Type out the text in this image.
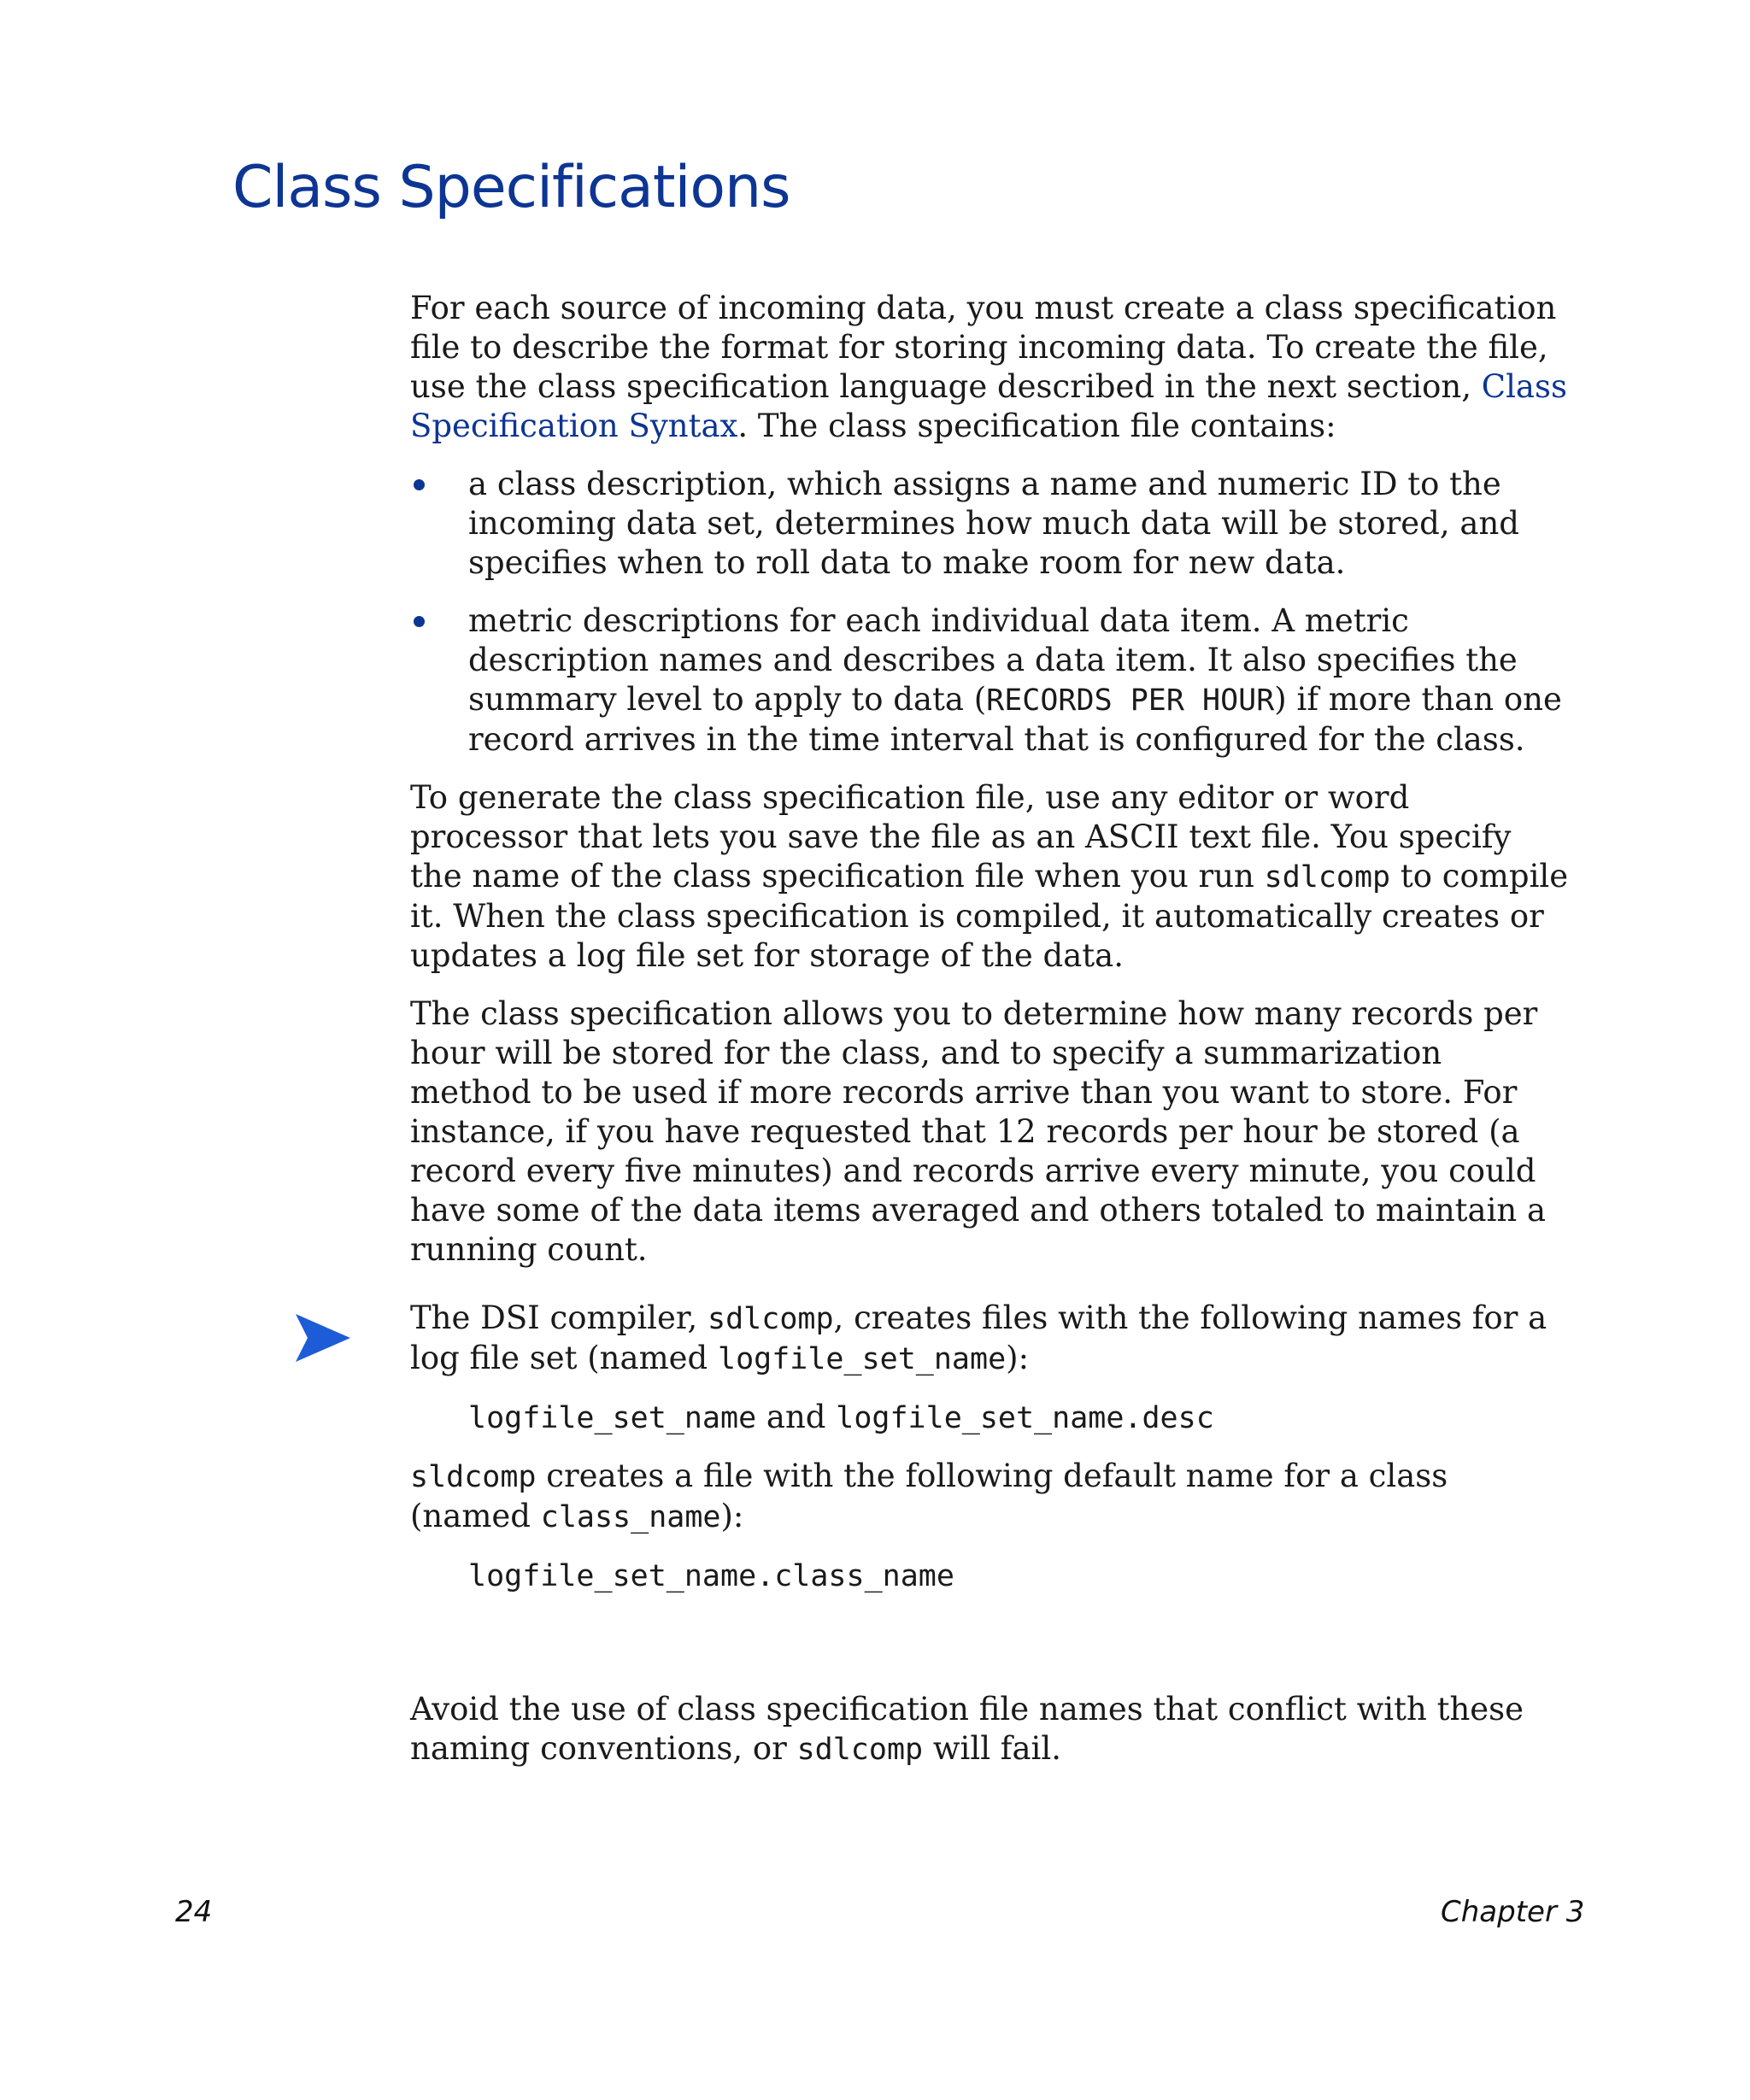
Class Specifications

For each source of incoming data, you must create a class specification file to describe the format for storing incoming data. To create the file, use the class specification language described in the next section, Class Specification Syntax. The class specification file contains:

a class description, which assigns a name and numeric ID to the incoming data set, determines how much data will be stored, and specifies when to roll data to make room for new data.
metric descriptions for each individual data item. A metric description names and describes a data item. It also specifies the summary level to apply to data (RECORDS PER HOUR) if more than one record arrives in the time interval that is configured for the class.

To generate the class specification file, use any editor or word processor that lets you save the file as an ASCII text file. You specify the name of the class specification file when you run sdlcomp to compile it. When the class specification is compiled, it automatically creates or updates a log file set for storage of the data.

The class specification allows you to determine how many records per hour will be stored for the class, and to specify a summarization method to be used if more records arrive than you want to store. For instance, if you have requested that 12 records per hour be stored (a record every five minutes) and records arrive every minute, you could have some of the data items averaged and others totaled to maintain a running count.

The DSI compiler, sdlcomp, creates files with the following names for a log file set (named logfile_set_name):

logfile_set_name and logfile_set_name.desc

sldcomp creates a file with the following default name for a class (named class_name):

logfile_set_name.class_name

Avoid the use of class specification file names that conflict with these naming conventions, or sdlcomp will fail.

24	Chapter 3
